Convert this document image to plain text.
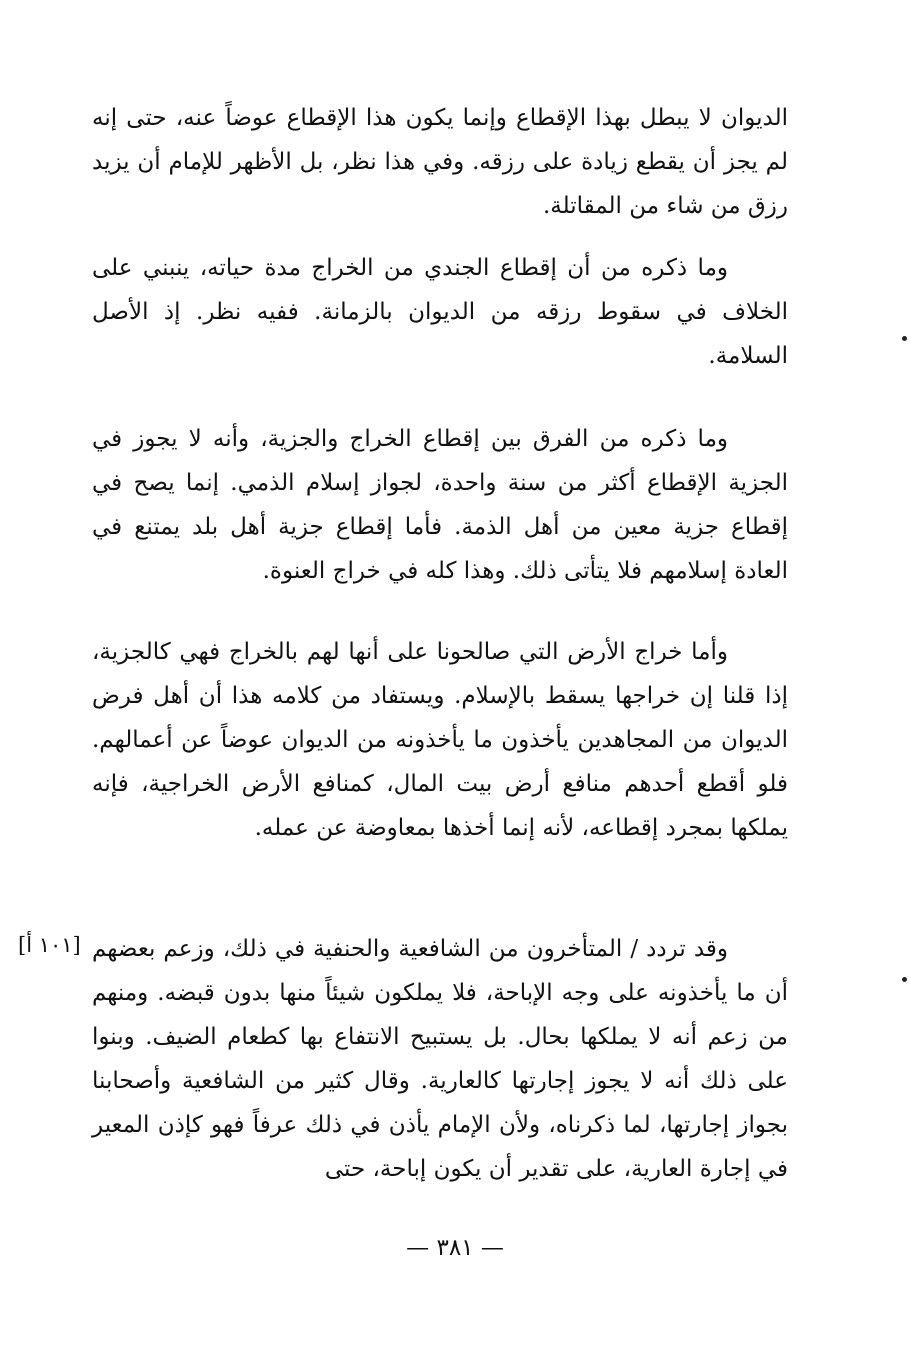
الديوان لا يبطل بهذا الإقطاع وإنما يكون هذا الإقطاع عوضاً عنه، حتى إنه لم يجز أن يقطع زيادة على رزقه. وفي هذا نظر، بل الأظهر للإمام أن يزيد رزق من شاء من المقاتلة.

وما ذكره من أن إقطاع الجندي من الخراج مدة حياته، ينبني على الخلاف في سقوط رزقه من الديوان بالزمانة. ففيه نظر. إذ الأصل السلامة.

وما ذكره من الفرق بين إقطاع الخراج والجزية، وأنه لا يجوز في الجزية الإقطاع أكثر من سنة واحدة، لجواز إسلام الذمي. إنما يصح في إقطاع جزية معين من أهل الذمة. فأما إقطاع جزية أهل بلد يمتنع في العادة إسلامهم فلا يتأتى ذلك. وهذا كله في خراج العنوة.

وأما خراج الأرض التي صالحونا على أنها لهم بالخراج فهي كالجزية، إذا قلنا إن خراجها يسقط بالإسلام. ويستفاد من كلامه هذا أن أهل فرض الديوان من المجاهدين يأخذون ما يأخذونه من الديوان عوضاً عن أعمالهم. فلو أقطع أحدهم منافع أرض بيت المال، كمنافع الأرض الخراجية، فإنه يملكها بمجرد إقطاعه، لأنه إنما أخذها بمعاوضة عن عمله.

وقد تردد / المتأخرون من الشافعية والحنفية في ذلك، وزعم بعضهم أن ما يأخذونه على وجه الإباحة، فلا يملكون شيئاً منها بدون قبضه. ومنهم من زعم أنه لا يملكها بحال. بل يستبيح الانتفاع بها كطعام الضيف. وبنوا على ذلك أنه لا يجوز إجارتها كالعارية. وقال كثير من الشافعية وأصحابنا بجواز إجارتها، لما ذكرناه، ولأن الإمام يأذن في ذلك عرفاً فهو كإذن المعير في إجارة العارية، على تقدير أن يكون إباحة، حتى

[١٠١ أ]
— ٣٨١ —
